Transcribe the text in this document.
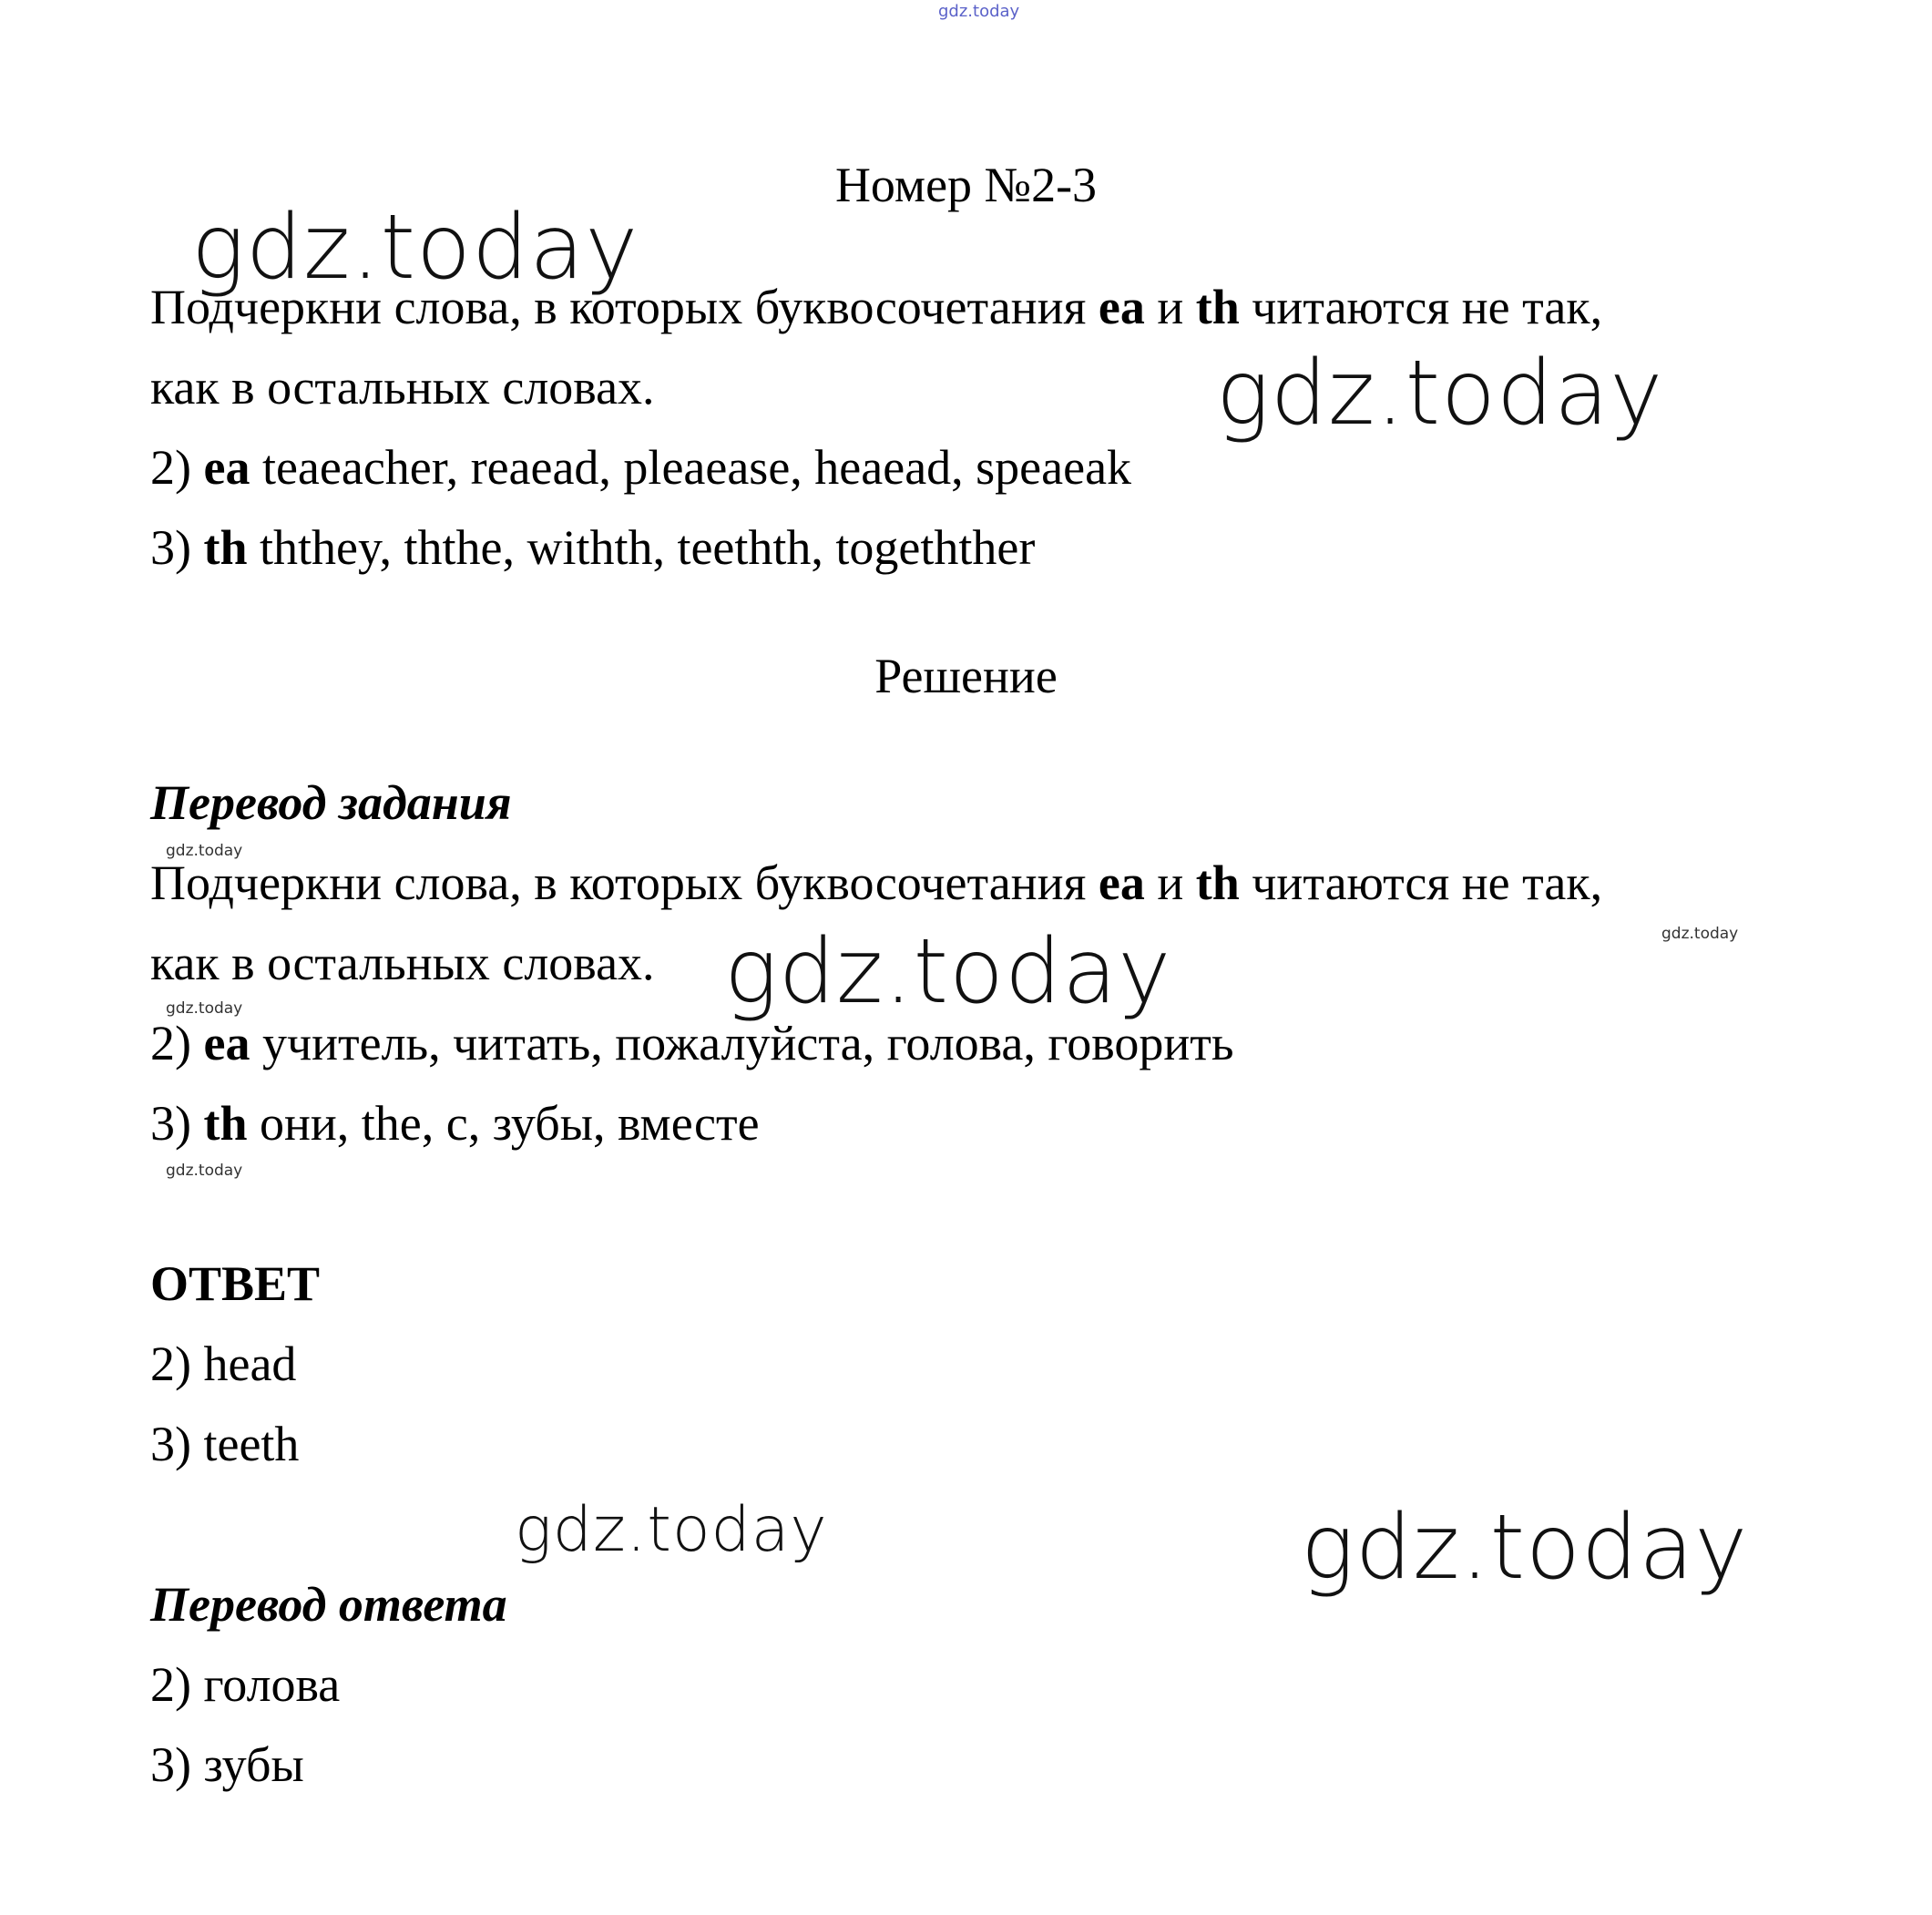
gdz.today
Номер №2-3
Подчеркни слова, в которых буквосочетания ea и th читаются не так,
как в остальных словах.
2) ea teaeacher, reaead, pleaease, heaead, speaeak
3) th ththey, ththe, withth, teethth, togethther
Решение
Перевод задания
Подчеркни слова, в которых буквосочетания ea и th читаются не так,
как в остальных словах.
2) ea учитель, читать, пожалуйста, голова, говорить
3) th они, the, с, зубы, вместе
ОТВЕТ
2) head
3) teeth
Перевод ответа
2) голова
3) зубы
gdz.today
gdz.today
gdz.today
gdz.today	gdz.today
gdz.today
gdz.today
gdz.today
gdz.today
